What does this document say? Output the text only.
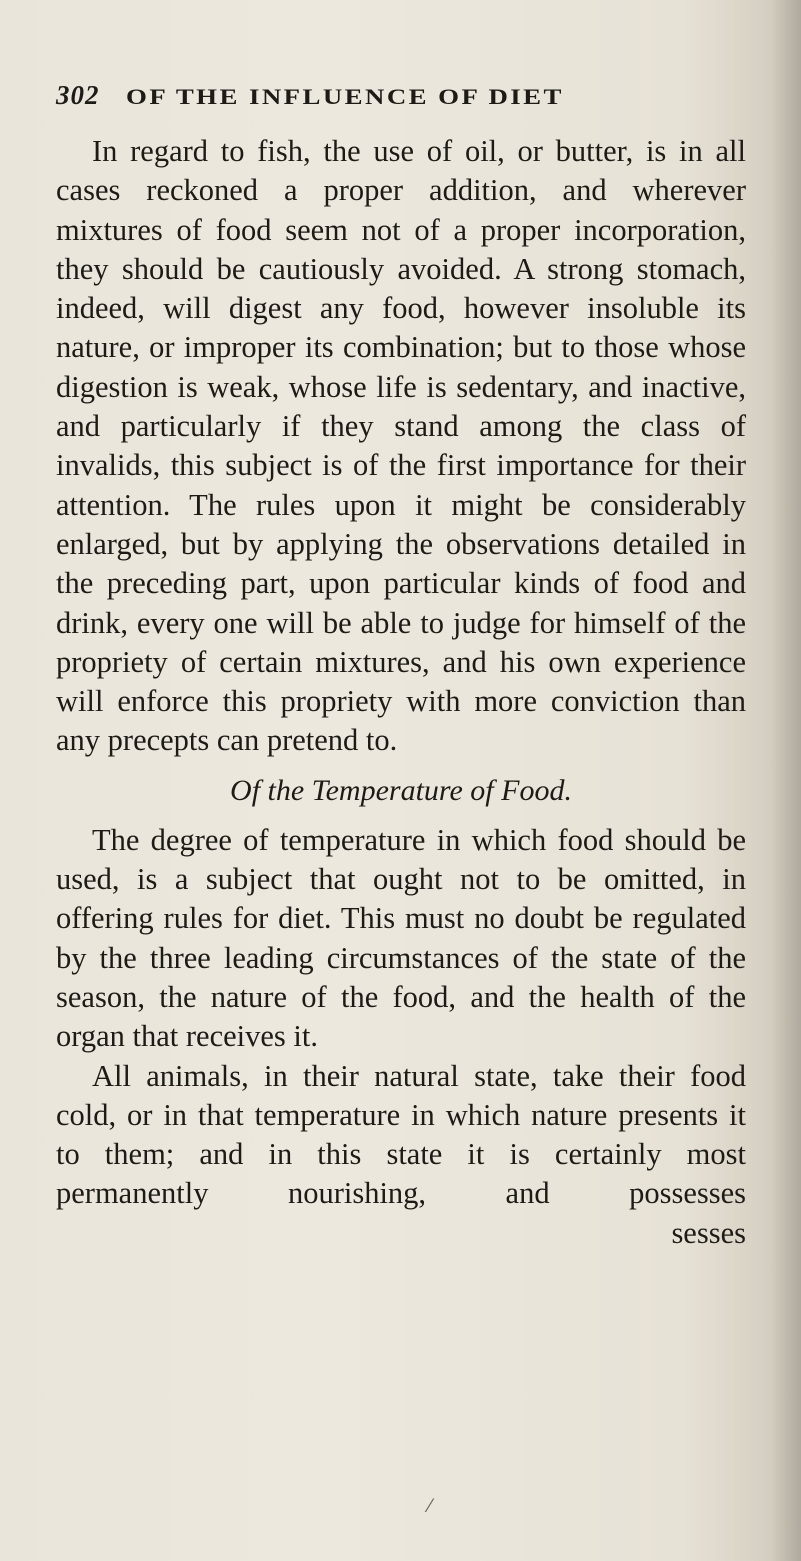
302 OF THE INFLUENCE OF DIET

In regard to fish, the use of oil, or butter, is in all cases reckoned a proper addition, and wherever mixtures of food seem not of a proper incorporation, they should be cautiously avoided. A strong stomach, indeed, will digest any food, however insoluble its nature, or improper its combination; but to those whose digestion is weak, whose life is sedentary, and inactive, and particularly if they stand among the class of invalids, this subject is of the first importance for their attention. The rules upon it might be considerably enlarged, but by applying the observations detailed in the preceding part, upon particular kinds of food and drink, every one will be able to judge for himself of the propriety of certain mixtures, and his own experience will enforce this propriety with more conviction than any precepts can pretend to.

Of the Temperature of Food.

The degree of temperature in which food should be used, is a subject that ought not to be omitted, in offering rules for diet. This must no doubt be regulated by the three leading circumstances of the state of the season, the nature of the food, and the health of the organ that receives it.

All animals, in their natural state, take their food cold, or in that temperature in which nature presents it to them; and in this state it is certainly most permanently nourishing, and possesses

sesses

⁄
